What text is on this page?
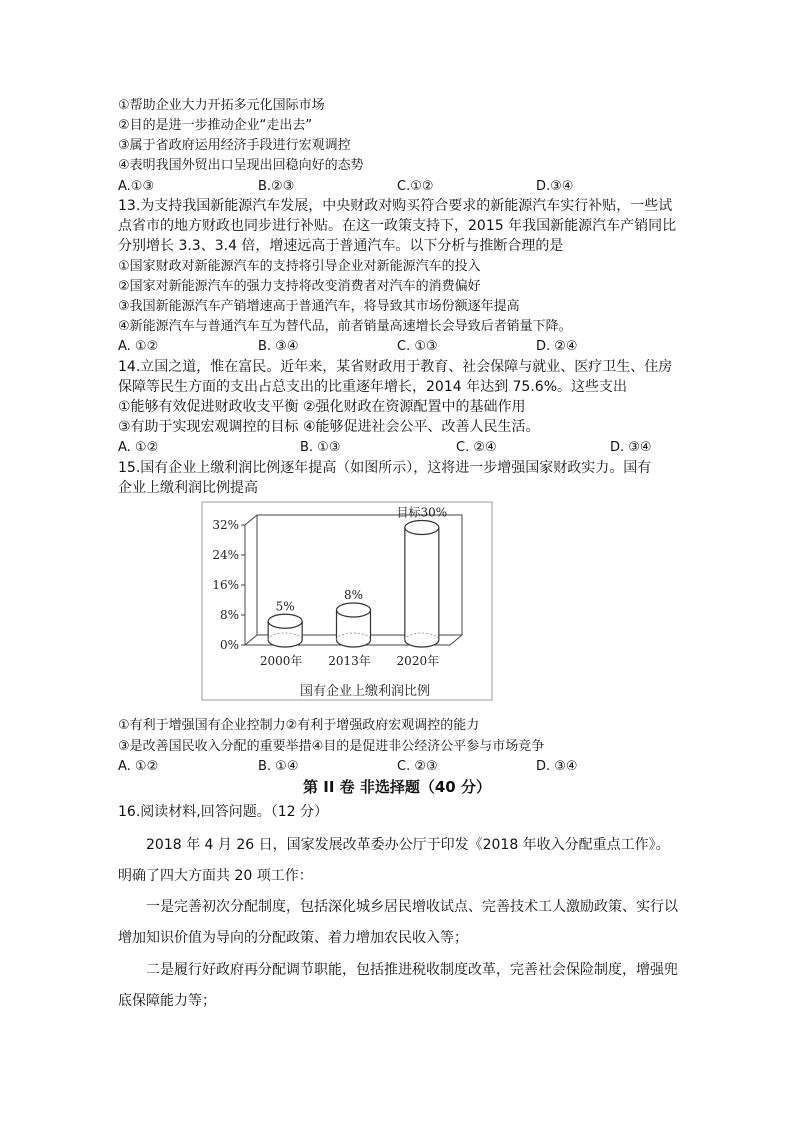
①帮助企业大力开拓多元化国际市场
②目的是进一步推动企业“走出去”
③属于省政府运用经济手段进行宏观调控
④表明我国外贸出口呈现出回稳向好的态势
A.①③	B.②③	C.①②	D.③④
13.为支持我国新能源汽车发展，中央财政对购买符合要求的新能源汽车实行补贴，一些试
点省市的地方财政也同步进行补贴。在这一政策支持下，2015 年我国新能源汽车产销同比
分别增长 3.3、3.4 倍，增速远高于普通汽车。以下分析与推断合理的是
①国家财政对新能源汽车的支持将引导企业对新能源汽车的投入
②国家对新能源汽车的强力支持将改变消费者对汽车的消费偏好
③我国新能源汽车产销增速高于普通汽车，将导致其市场份额逐年提高
④新能源汽车与普通汽车互为替代品，前者销量高速增长会导致后者销量下降。
A. ①②	B. ③④	C. ①③	D. ②④
14.立国之道，惟在富民。近年来，某省财政用于教育、社会保障与就业、医疗卫生、住房
保障等民生方面的支出占总支出的比重逐年增长，2014 年达到 75.6%。这些支出
①能够有效促进财政收支平衡 ②强化财政在资源配置中的基础作用
③有助于实现宏观调控的目标 ④能够促进社会公平、改善人民生活。
A. ①②	B. ①③	C. ②④	D. ③④
15.国有企业上缴利润比例逐年提高（如图所示），这将进一步增强国家财政实力。国有
企业上缴利润比例提高
0%
8%
16%
24%
32%
5%
8%
目标30%
2000年 2013年 2020年
国有企业上缴利润比例
①有利于增强国有企业控制力②有利于增强政府宏观调控的能力
③是改善国民收入分配的重要举措④目的是促进非公经济公平参与市场竞争
A. ①②	B. ①④	C. ②③	D. ③④
第 II 卷 非选择题（40 分）
16.阅读材料,回答问题。（12 分）
2018 年 4 月 26 日，国家发展改革委办公厅于印发《2018 年收入分配重点工作》。
明确了四大方面共 20 项工作：
一是完善初次分配制度，包括深化城乡居民增收试点、完善技术工人激励政策、实行以
增加知识价值为导向的分配政策、着力增加农民收入等；
二是履行好政府再分配调节职能，包括推进税收制度改革，完善社会保险制度，增强兜
底保障能力等；
